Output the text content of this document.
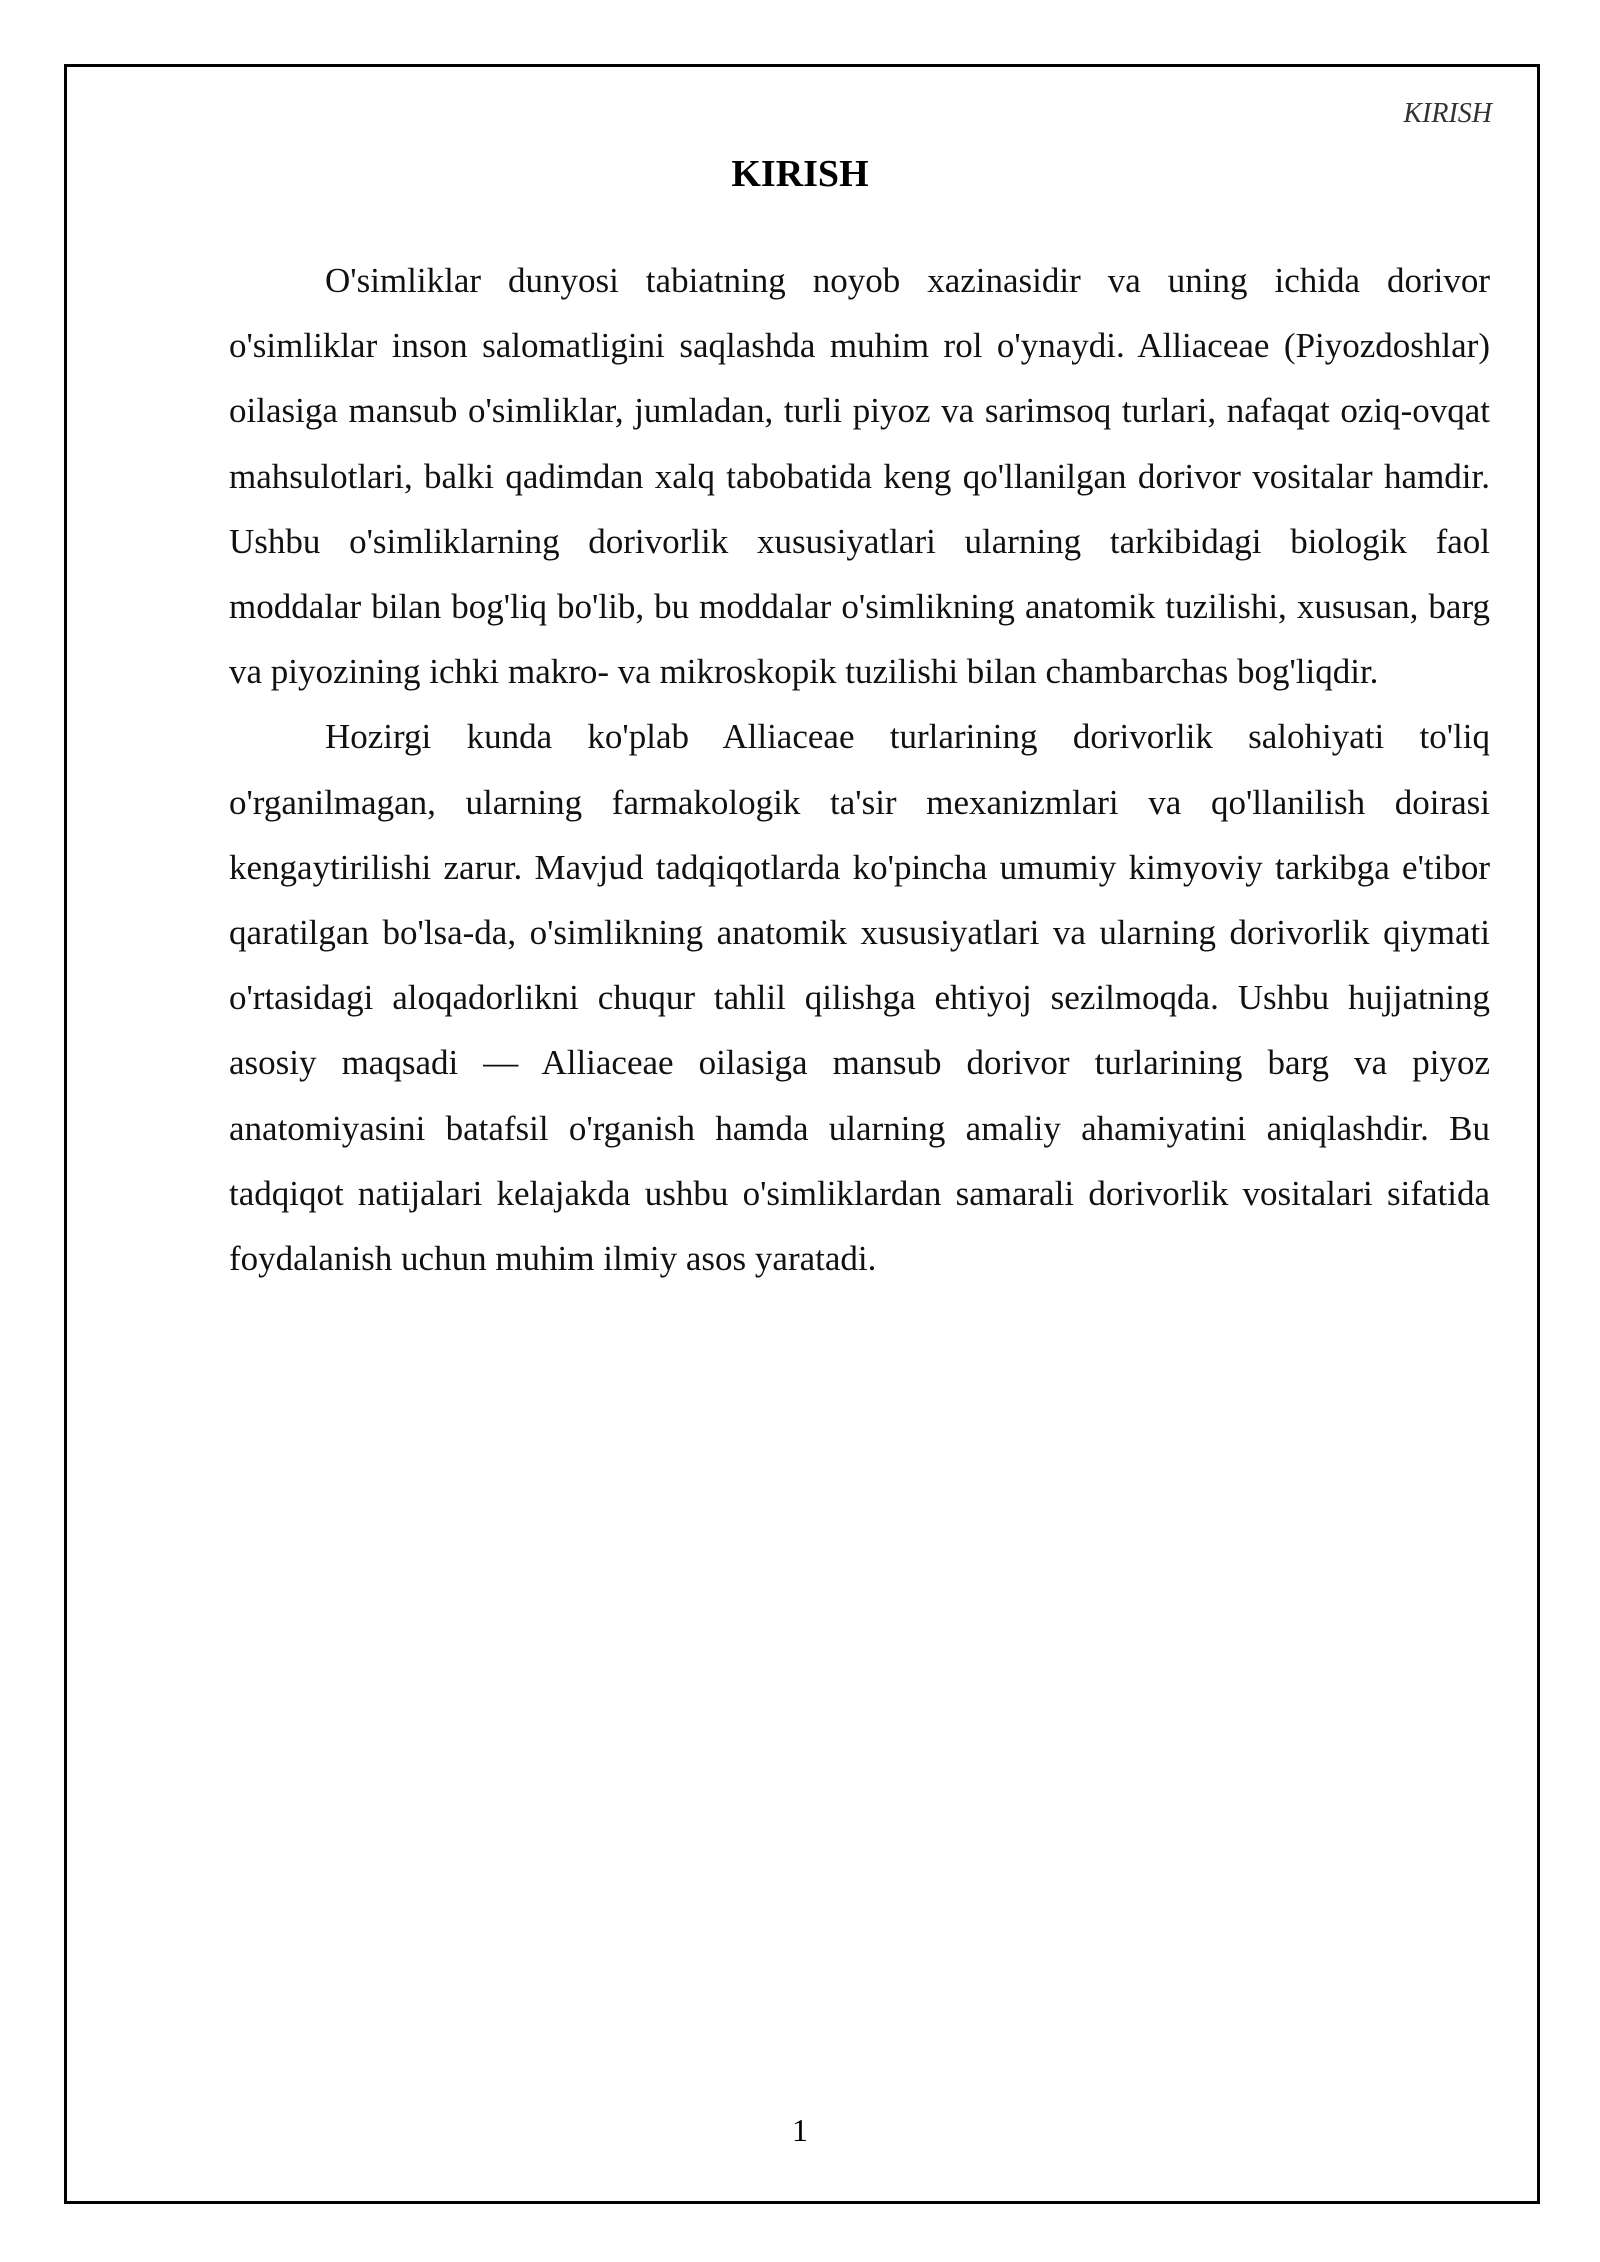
KIRISH
KIRISH

O'simliklar dunyosi tabiatning noyob xazinasidir va uning ichida dorivor o'simliklar inson salomatligini saqlashda muhim rol o'ynaydi. Alliaceae (Piyozdoshlar) oilasiga mansub o'simliklar, jumladan, turli piyoz va sarimsoq turlari, nafaqat oziq-ovqat mahsulotlari, balki qadimdan xalq tabobatida keng qo'llanilgan dorivor vositalar hamdir. Ushbu o'simliklarning dorivorlik xususiyatlari ularning tarkibidagi biologik faol moddalar bilan bog'liq bo'lib, bu moddalar o'simlikning anatomik tuzilishi, xususan, barg va piyozining ichki makro- va mikroskopik tuzilishi bilan chambarchas bog'liqdir.

Hozirgi kunda ko'plab Alliaceae turlarining dorivorlik salohiyati to'liq o'rganilmagan, ularning farmakologik ta'sir mexanizmlari va qo'llanilish doirasi kengaytirilishi zarur. Mavjud tadqiqotlarda ko'pincha umumiy kimyoviy tarkibga e'tibor qaratilgan bo'lsa-da, o'simlikning anatomik xususiyatlari va ularning dorivorlik qiymati o'rtasidagi aloqadorlikni chuqur tahlil qilishga ehtiyoj sezilmoqda. Ushbu hujjatning asosiy maqsadi — Alliaceae oilasiga mansub dorivor turlarining barg va piyoz anatomiyasini batafsil o'rganish hamda ularning amaliy ahamiyatini aniqlashdir. Bu tadqiqot natijalari kelajakda ushbu o'simliklardan samarali dorivorlik vositalari sifatida foydalanish uchun muhim ilmiy asos yaratadi.

1
